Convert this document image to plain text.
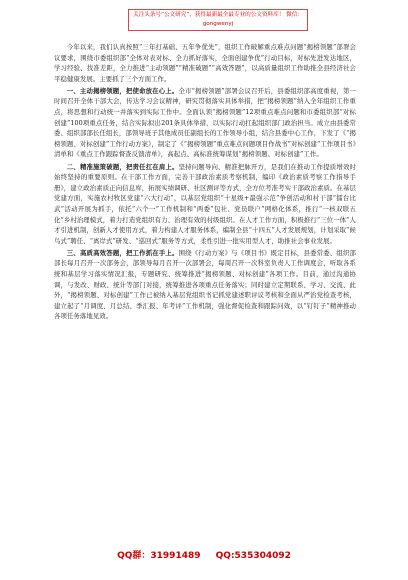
关注头条号“公文研究”，获得最新最全最专业的公文资料库！ 微信：gongwenyj

今年以来，我们认真按照“三年打基础、五年争优先”，组织工作破解重点难点问题“揭榜领题”部署会议要求，围绕市委组织部“全体对表对标、全力抓好落实，全面创建争优”行动目标，对标先进发达地区，学习经验、找准差距，全力推进“主动领题”“精准破题”“高效答题”，以高质量组织工作助推全县经济社会平稳健康发展。主要抓了三个方面工作。

一、主动揭榜领题，把使命放在心上。全市“揭榜领题”部署会议召开后，县委组织部高度重视，第一时间召开全体干部大会，传达学习会议精神，研究贯彻落实具体举措，把“揭榜领题”纳入全年组织工作重点，将思想和行动统一并落实到实际工作中。全面认领“揭榜领题”12项重点难点问题和市委组织部“对标创建”100项重点任务，结合实际拟出201条具体举措，以实际行动扛起组织部门政治担当。成立由县委常委、组织部部长任组长，部领导班子其他成员任副组长的工作领导小组，结合县委中心工作，下发了《“揭榜领题、对标创建”工作行动方案》，制定了《“揭榜领题”重点难点问题项目作战书”对标创建”工作项目书》清单和《重点工作跟踪督查反馈清单》，高起点、高标准统筹谋划“揭榜领题、对标创建”工作。

二、精准施策破题，把责任扛在肩上。坚持问题导向、精准把脉开方，是我们在推动工作提质增效时始终坚持的重要原则。在干部工作方面，完善干部政治素质考察机制，编印《政治素质考察工作指导手册》，建立政治素质正向信息库，拓展实绩调研、社区测评等方式，全方位考准考实干部政治素质。在基层党建方面，实施农村牧区党建“六大行动”，以基层党组织“十星级+最强示范”争创活动和村干部“擂台比武”活动开展为抓手，依托“六个一”工作机制和“两委”包社、党员联户”网格化体系，推行“一核双联五化”乡村治理模式，着力打造党组织有力、治理有效的村级组织。在人才工作方面，积极推行“三位一体”人才引进机制，创新人才使用方式，着力构建人才服务体系，编制全县“十四五”人才发展规划，计划采取“候鸟式”聘任、“离岸式”研发、“巡回式”服务等方式，柔性引进一批实用型人才，助推社会事业发展。

三、高质高效答题，把工作抓在手上。围绕《行动方案》与《项目书》既定目标，县委常委、组织部部长每月召开一次部务会，部领导每月召开一次部署会，每周召开一次科室负责人工作调度会，听取各系统和基层学习落实情况汇报，专题研究、统筹推进“揭榜领题、对标创建”各项工作。目前，通过沟通协调，与发改、财政、统计等部门对接，统筹推进各项重点任务落实；同时建立定期联系、学习、交流、此外，“揭榜领题、对标创建”工作已被纳入基层党组织书记抓党建述职评议考核和全面从严治党检查考核，建立起了“月调度、月总结、季汇报、年考评”工作机制，强化督促检查和跟踪问效，以“钉钉子”精神推动各项任务落地见效。

QQ群：31991489 QQ:535304092
